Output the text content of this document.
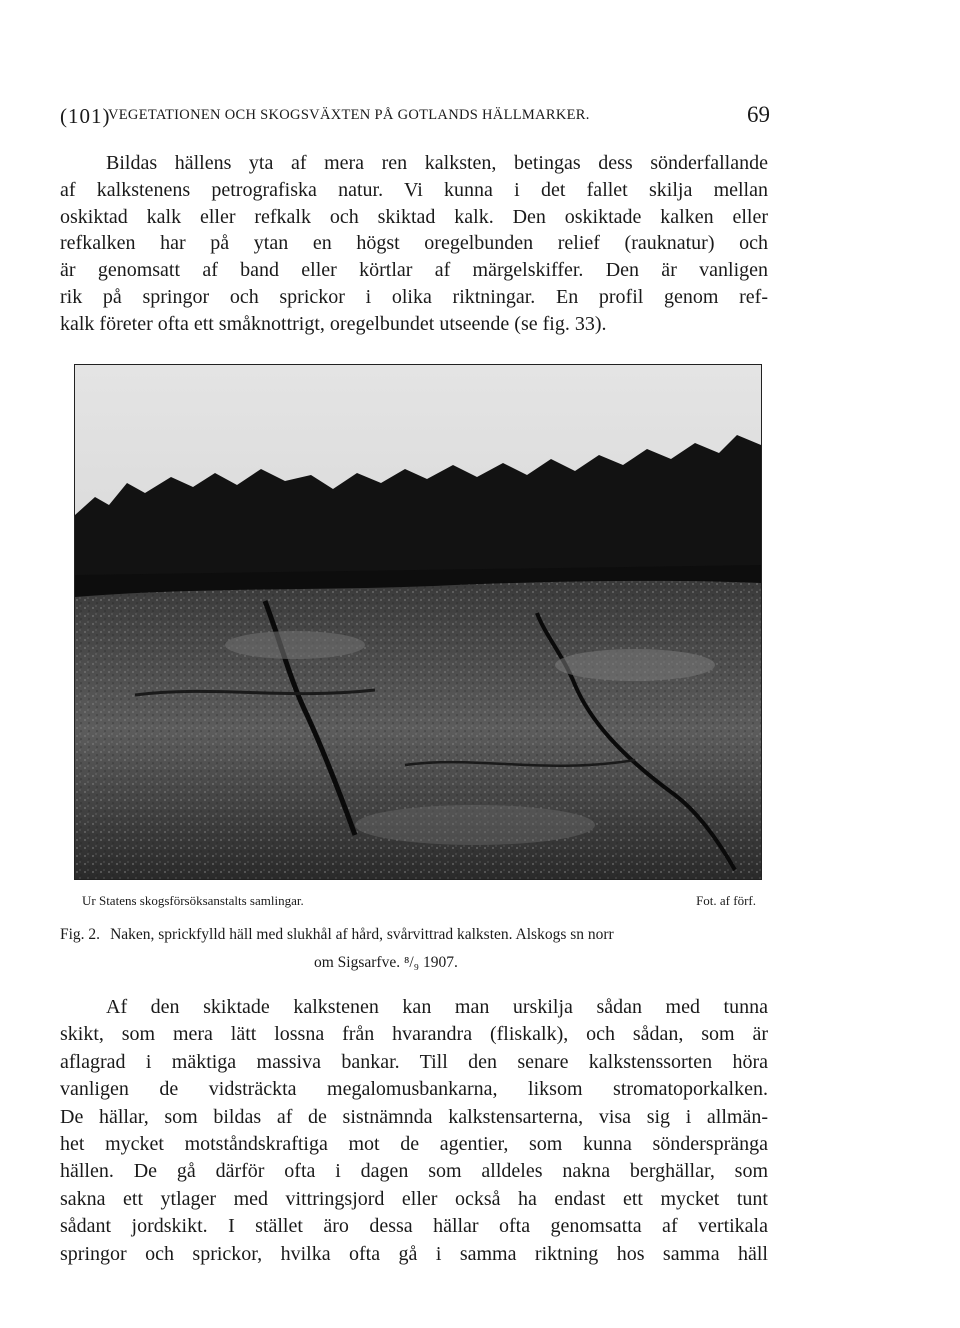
(101)
VEGETATIONEN OCH SKOGSVÄXTEN PÅ GOTLANDS HÄLLMARKER.	69
Bildas hällens yta af mera ren kalksten, betingas dess sönderfallande
af kalkstenens petrografiska natur. Vi kunna i det fallet skilja mellan
oskiktad kalk eller refkalk och skiktad kalk. Den oskiktade kalken eller
refkalken har på ytan en högst oregelbunden relief (rauknatur) och
är genomsatt af band eller körtlar af märgelskiffer. Den är vanligen
rik på springor och sprickor i olika riktningar. En profil genom ref-
kalk företer ofta ett småknottrigt, oregelbundet utseende (se fig. 33).
Ur Statens skogsförsöksanstalts samlingar.	Fot. af förf.
Fig. 2. Naken, sprickfylld häll med slukhål af hård, svårvittrad kalksten. Alskogs sn norr
om Sigsarfve. ⁸/₉ 1907.
Af den skiktade kalkstenen kan man urskilja sådan med tunna
skikt, som mera lätt lossna från hvarandra (fliskalk), och sådan, som är
aflagrad i mäktiga massiva bankar. Till den senare kalkstenssorten höra
vanligen de vidsträckta megalomusbankarna, liksom stromatoporkalken.
De hällar, som bildas af de sistnämnda kalkstensarterna, visa sig i allmän-
het mycket motståndskraftiga mot de agentier, som kunna sönderspränga
hällen. De gå därför ofta i dagen som alldeles nakna berghällar, som
sakna ett ytlager med vittringsjord eller också ha endast ett mycket tunt
sådant jordskikt. I stället äro dessa hällar ofta genomsatta af vertikala
springor och sprickor, hvilka ofta gå i samma riktning hos samma häll
